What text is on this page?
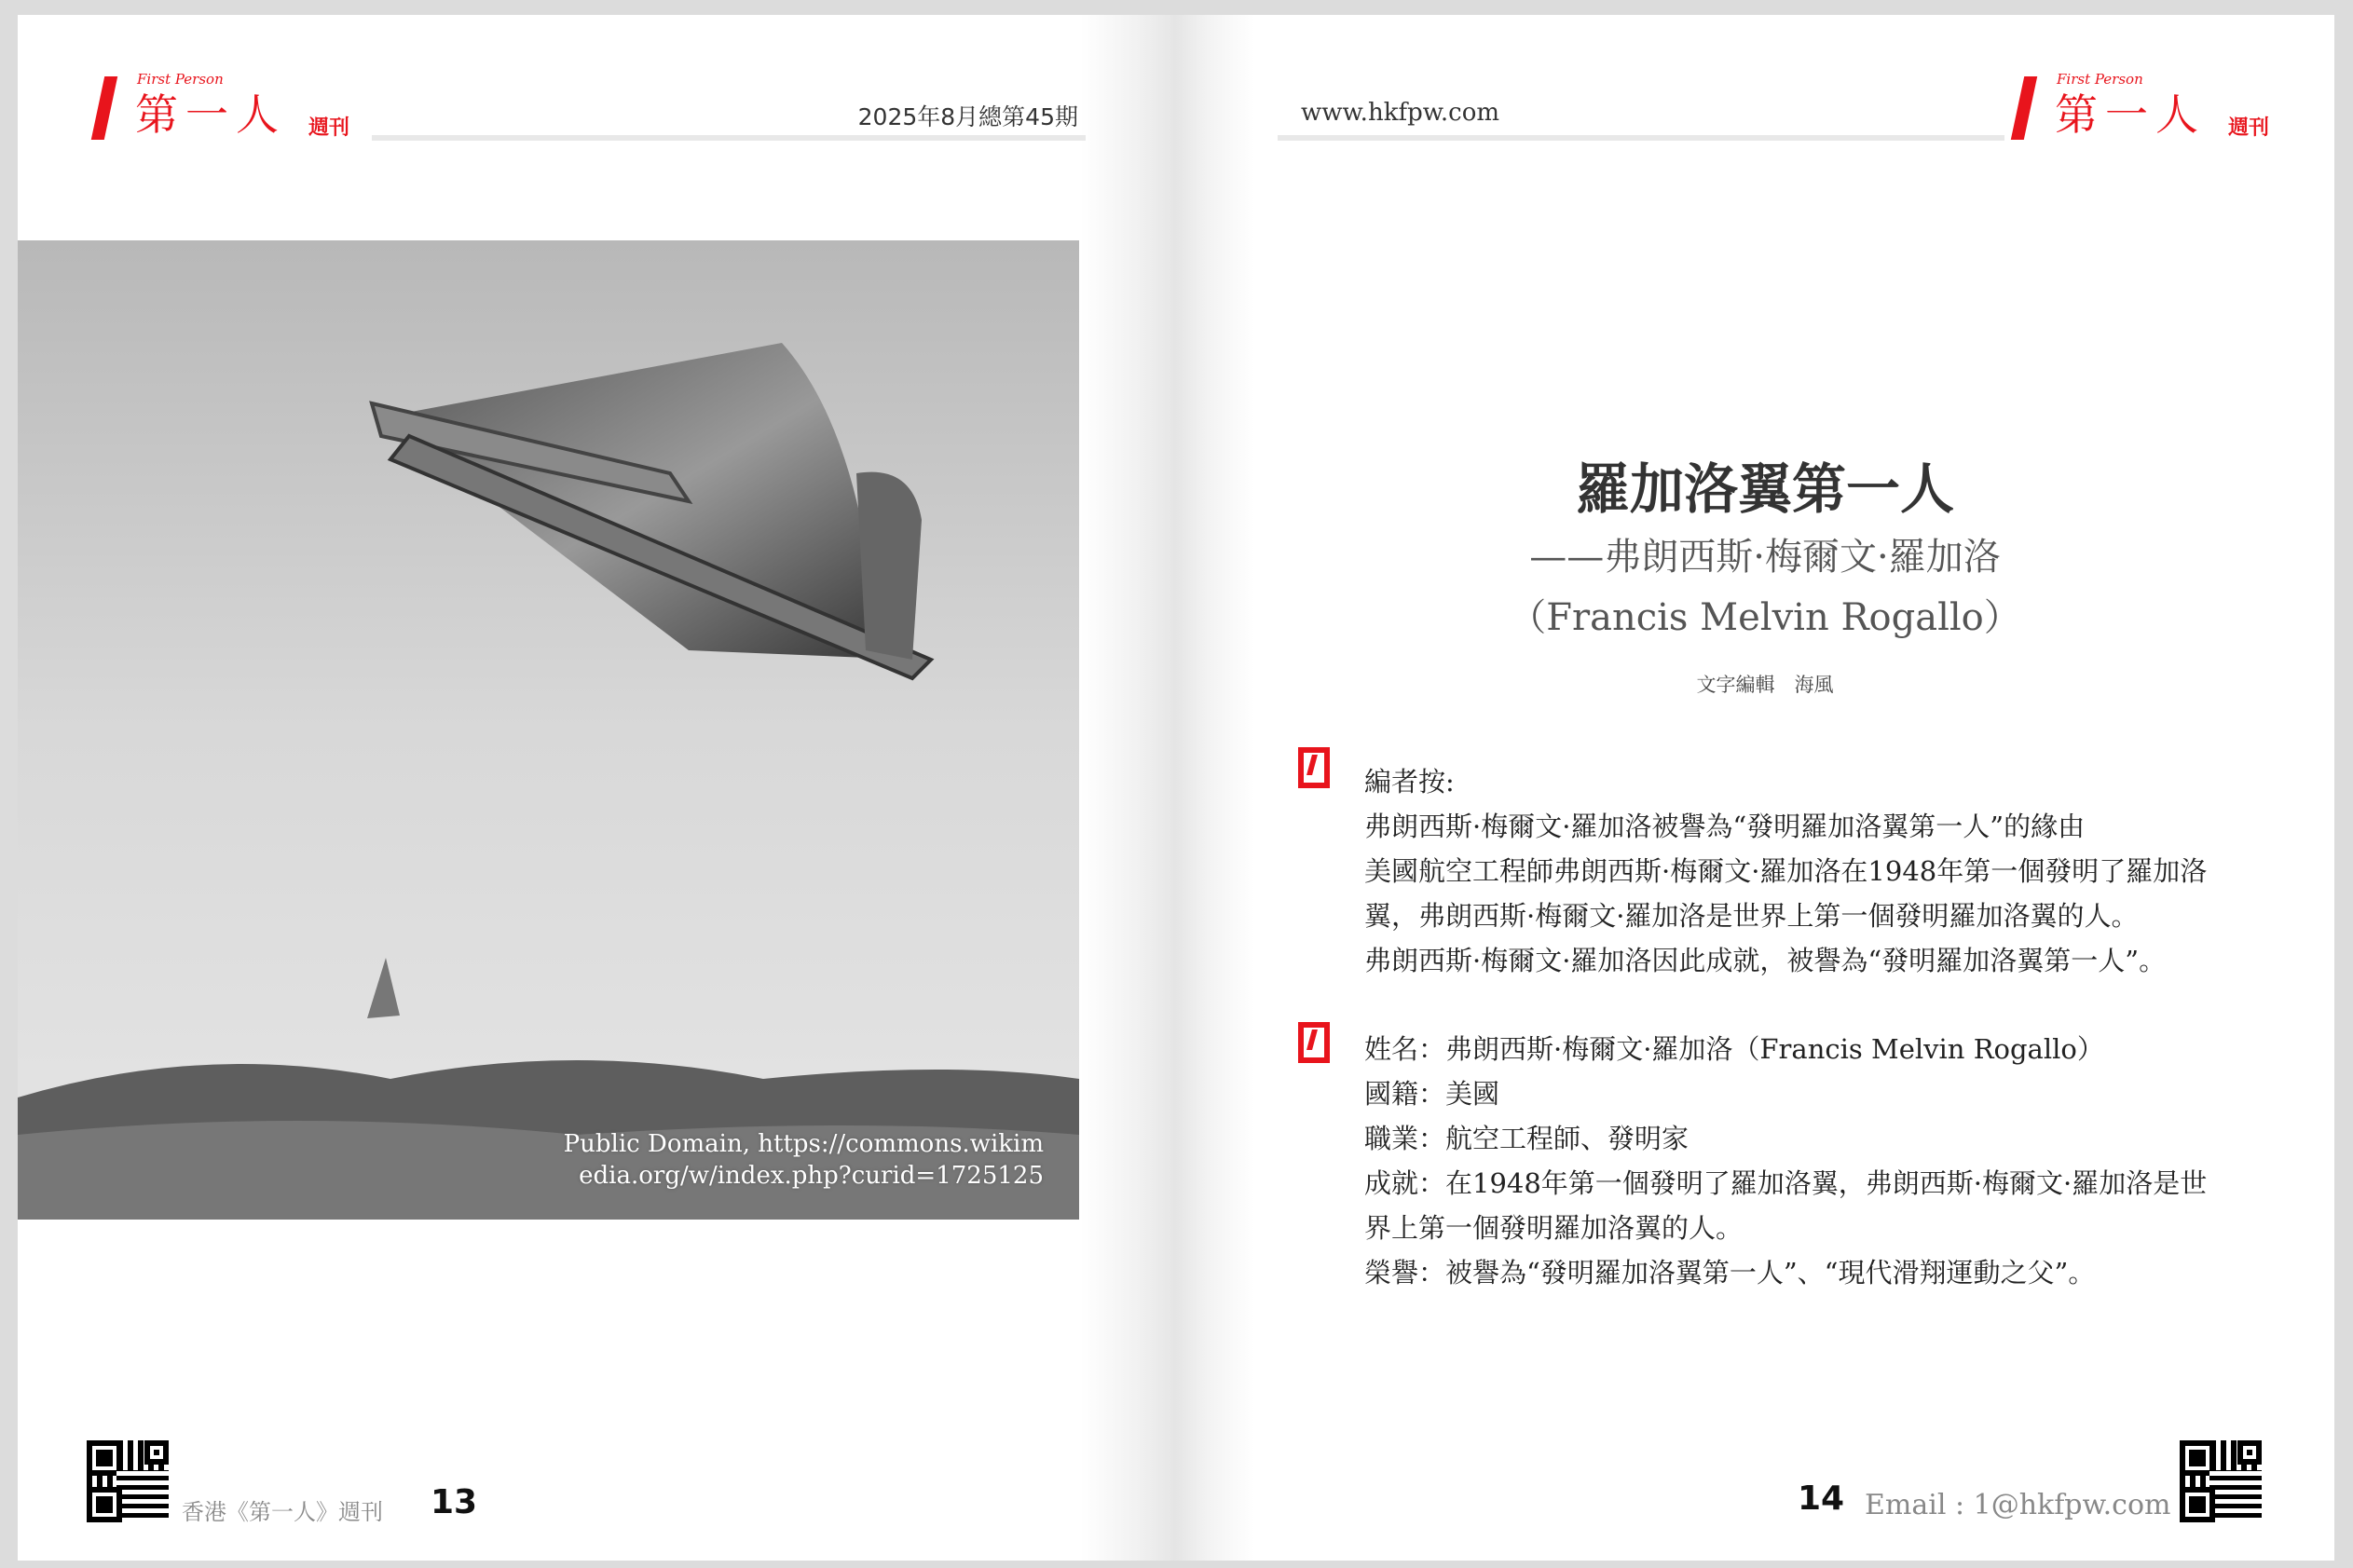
First Person
第一人 週刊	2025年8月總第45期
Public Domain, https://commons.wikim
edia.org/w/index.php?curid=1725125
香港《第一人》週刊 13
www.hkfpw.com
First Person
第一人 週刊
羅加洛翼第一人
——弗朗西斯·梅爾文·羅加洛
（Francis Melvin Rogallo）
文字編輯　海風
編者按:
弗朗西斯·梅爾文·羅加洛被譽為“發明羅加洛翼第一人”的緣由
美國航空工程師弗朗西斯·梅爾文·羅加洛在1948年第一個發明了羅加洛
翼，弗朗西斯·梅爾文·羅加洛是世界上第一個發明羅加洛翼的人。
弗朗西斯·梅爾文·羅加洛因此成就，被譽為“發明羅加洛翼第一人”。
姓名：弗朗西斯·梅爾文·羅加洛（Francis Melvin Rogallo）
國籍：美國
職業：航空工程師、發明家
成就：在1948年第一個發明了羅加洛翼，弗朗西斯·梅爾文·羅加洛是世
界上第一個發明羅加洛翼的人。
榮譽：被譽為“發明羅加洛翼第一人”、“現代滑翔運動之父”。
14 Email : 1@hkfpw.com
